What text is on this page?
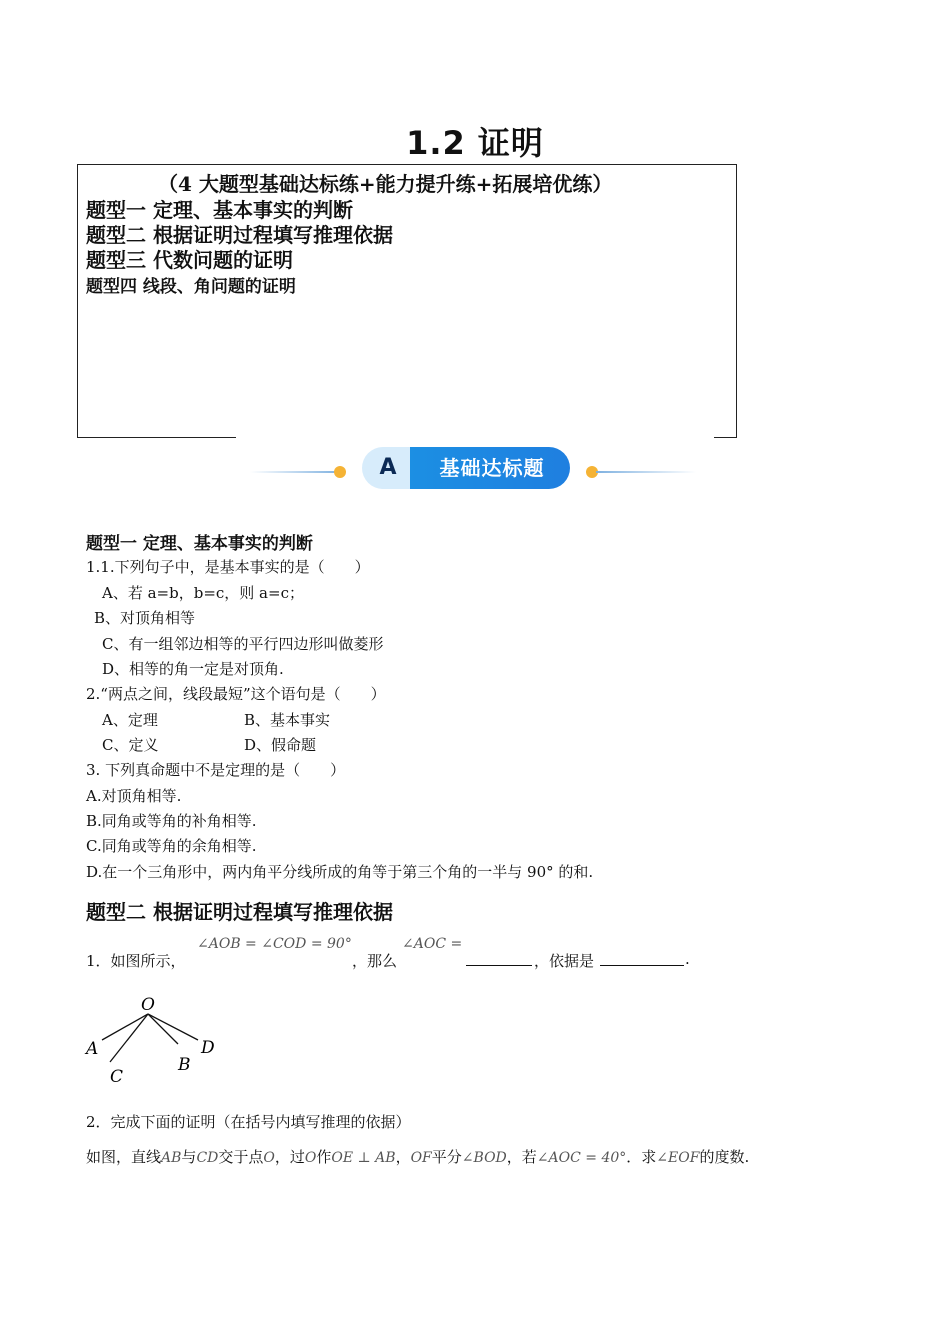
1.2 证明
（4 大题型基础达标练+能力提升练+拓展培优练）
题型一 定理、基本事实的判断
题型二 根据证明过程填写推理依据
题型三 代数问题的证明
题型四 线段、角问题的证明
A	基础达标题
题型一 定理、基本事实的判断
1.1.下列句子中，是基本事实的是（　　）
A、若 a=b，b=c，则 a=c；
B、对顶角相等
C、有一组邻边相等的平行四边形叫做菱形
D、相等的角一定是对顶角.
2.“两点之间，线段最短”这个语句是（　　）
A、定理	B、基本事实
C、定义	D、假命题
3. 下列真命题中不是定理的是（　　）
A.对顶角相等.
B.同角或等角的补角相等.
C.同角或等角的余角相等.
D.在一个三角形中，两内角平分线所成的角等于第三个角的一半与 90° 的和.
题型二 根据证明过程填写推理依据
1．如图所示，
∠AOB = ∠COD = 90°
，那么
∠AOC =
，依据是	.
O
A
B
C
D
2．完成下面的证明（在括号内填写推理的依据）
如图，直线AB与CD交于点O，过O作OE ⊥ AB，OF平分∠BOD，若∠AOC = 40°．求∠EOF的度数.
